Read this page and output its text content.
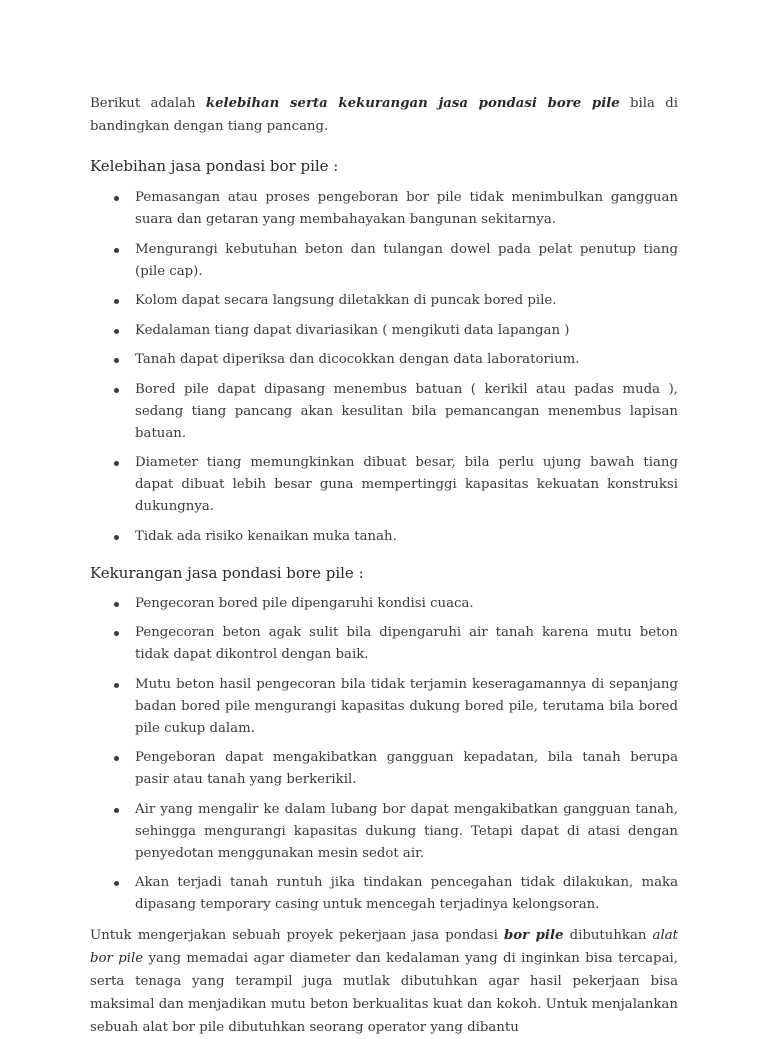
Berikut adalah kelebihan serta kekurangan jasa pondasi bore pile bila di bandingkan dengan tiang pancang.

Kelebihan jasa pondasi bor pile :
Pemasangan atau proses pengeboran bor pile tidak menimbulkan gangguan suara dan getaran yang membahayakan bangunan sekitarnya.
Mengurangi kebutuhan beton dan tulangan dowel pada pelat penutup tiang (pile cap).
Kolom dapat secara langsung diletakkan di puncak bored pile.
Kedalaman tiang dapat divariasikan ( mengikuti data lapangan )
Tanah dapat diperiksa dan dicocokkan dengan data laboratorium.
Bored pile dapat dipasang menembus batuan ( kerikil atau padas muda ), sedang tiang pancang akan kesulitan bila pemancangan menembus lapisan batuan.
Diameter tiang memungkinkan dibuat besar, bila perlu ujung bawah tiang dapat dibuat lebih besar guna mempertinggi kapasitas kekuatan konstruksi dukungnya.
Tidak ada risiko kenaikan muka tanah.
Kekurangan jasa pondasi bore pile :
Pengecoran bored pile dipengaruhi kondisi cuaca.
Pengecoran beton agak sulit bila dipengaruhi air tanah karena mutu beton tidak dapat dikontrol dengan baik.
Mutu beton hasil pengecoran bila tidak terjamin keseragamannya di sepanjang badan bored pile mengurangi kapasitas dukung bored pile, terutama bila bored pile cukup dalam.
Pengeboran dapat mengakibatkan gangguan kepadatan, bila tanah berupa pasir atau tanah yang berkerikil.
Air yang mengalir ke dalam lubang bor dapat mengakibatkan gangguan tanah, sehingga mengurangi kapasitas dukung tiang. Tetapi dapat di atasi dengan penyedotan menggunakan mesin sedot air.
Akan terjadi tanah runtuh jika tindakan pencegahan tidak dilakukan, maka dipasang temporary casing untuk mencegah terjadinya kelongsoran.

Untuk mengerjakan sebuah proyek pekerjaan jasa pondasi bor pile dibutuhkan alat bor pile yang memadai agar diameter dan kedalaman yang di inginkan bisa tercapai, serta tenaga yang terampil juga mutlak dibutuhkan agar hasil pekerjaan bisa maksimal dan menjadikan mutu beton berkualitas kuat dan kokoh. Untuk menjalankan sebuah alat bor pile dibutuhkan seorang operator yang dibantu
